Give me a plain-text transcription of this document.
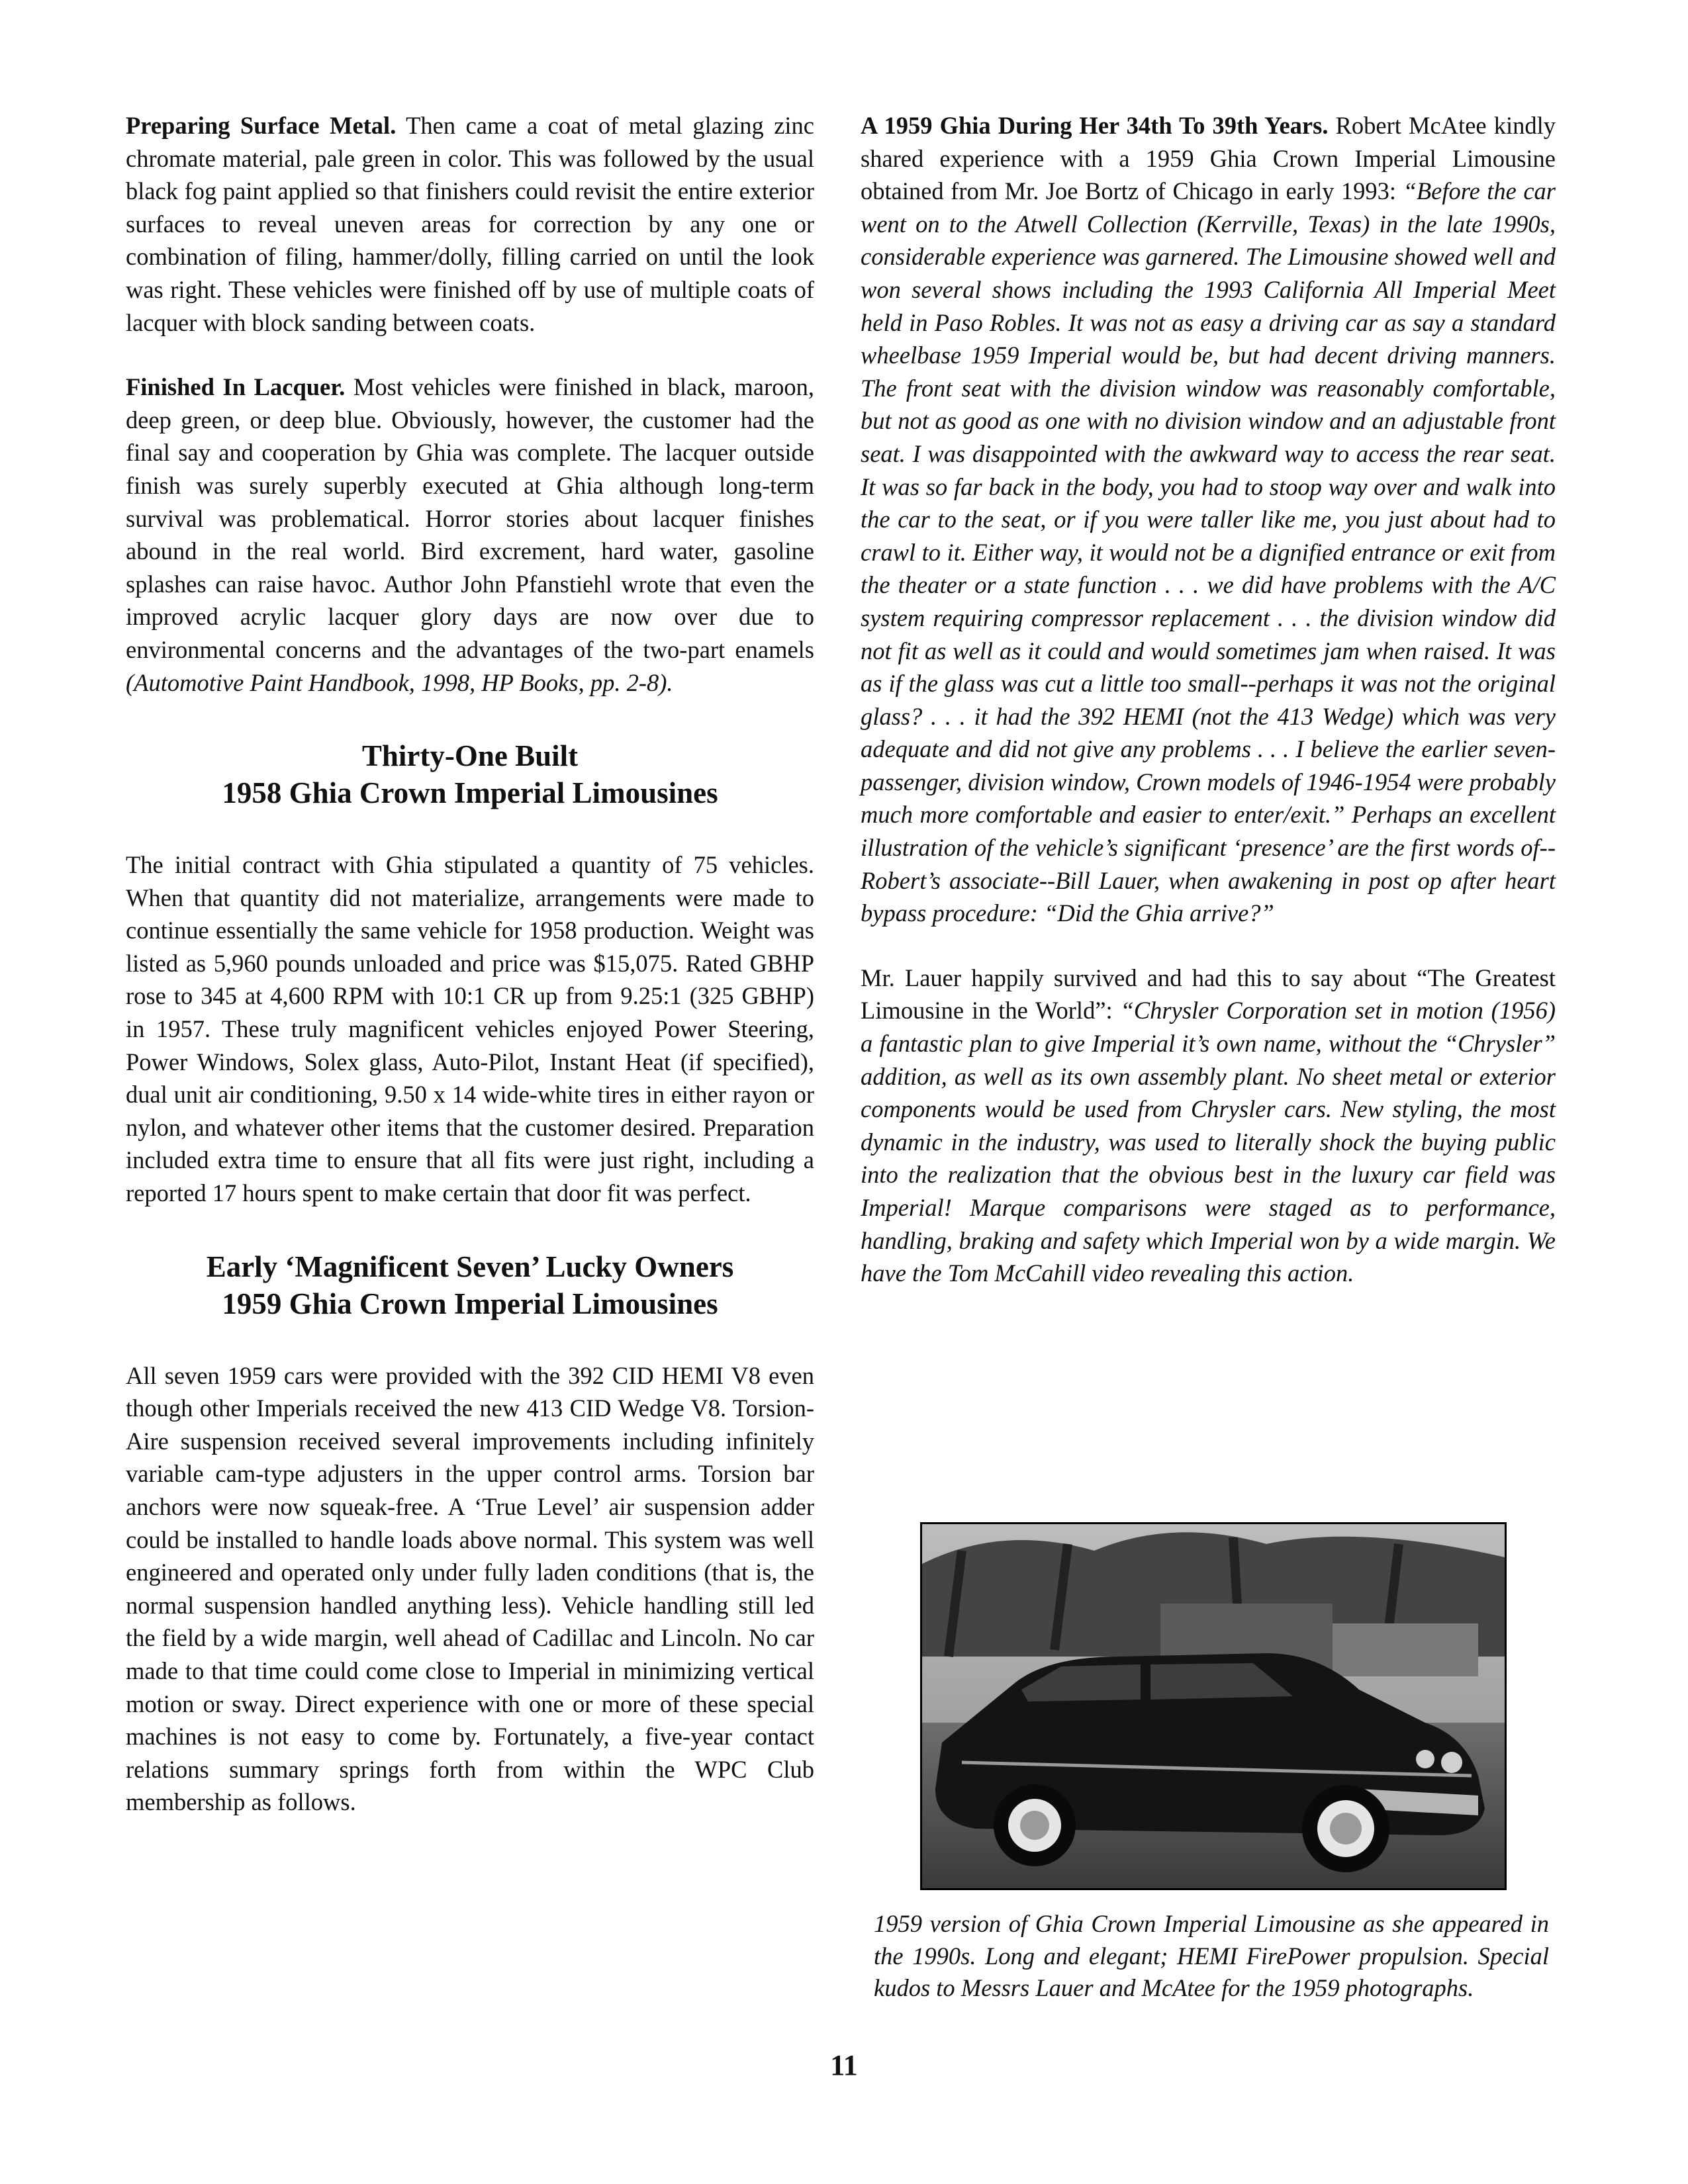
Preparing Surface Metal. Then came a coat of metal glazing zinc chromate material, pale green in color. This was followed by the usual black fog paint applied so that finishers could revisit the entire exterior surfaces to reveal uneven areas for correction by any one or combination of filing, hammer/dolly, filling carried on until the look was right. These vehicles were finished off by use of multiple coats of lacquer with block sanding between coats.

Finished In Lacquer. Most vehicles were finished in black, maroon, deep green, or deep blue. Obviously, however, the customer had the final say and cooperation by Ghia was complete. The lacquer outside finish was surely superbly executed at Ghia although long-term survival was problematical. Horror stories about lacquer finishes abound in the real world. Bird excrement, hard water, gasoline splashes can raise havoc. Author John Pfanstiehl wrote that even the improved acrylic lacquer glory days are now over due to environmental concerns and the advantages of the two-part enamels (Automotive Paint Handbook, 1998, HP Books, pp. 2-8).

Thirty-One Built
1958 Ghia Crown Imperial Limousines

The initial contract with Ghia stipulated a quantity of 75 vehicles. When that quantity did not materialize, arrangements were made to continue essentially the same vehicle for 1958 production. Weight was listed as 5,960 pounds unloaded and price was $15,075. Rated GBHP rose to 345 at 4,600 RPM with 10:1 CR up from 9.25:1 (325 GBHP) in 1957. These truly magnificent vehicles enjoyed Power Steering, Power Windows, Solex glass, Auto-Pilot, Instant Heat (if specified), dual unit air conditioning, 9.50 x 14 wide-white tires in either rayon or nylon, and whatever other items that the customer desired. Preparation included extra time to ensure that all fits were just right, including a reported 17 hours spent to make certain that door fit was perfect.

Early ‘Magnificent Seven’ Lucky Owners
1959 Ghia Crown Imperial Limousines

All seven 1959 cars were provided with the 392 CID HEMI V8 even though other Imperials received the new 413 CID Wedge V8. Torsion-Aire suspension received several improvements including infinitely variable cam-type adjusters in the upper control arms. Torsion bar anchors were now squeak-free. A ‘True Level’ air suspension adder could be installed to handle loads above normal. This system was well engineered and operated only under fully laden conditions (that is, the normal suspension handled anything less). Vehicle handling still led the field by a wide margin, well ahead of Cadillac and Lincoln. No car made to that time could come close to Imperial in minimizing vertical motion or sway. Direct experience with one or more of these special machines is not easy to come by. Fortunately, a five-year contact relations summary springs forth from within the WPC Club membership as follows.

A 1959 Ghia During Her 34th To 39th Years. Robert McAtee kindly shared experience with a 1959 Ghia Crown Imperial Limousine obtained from Mr. Joe Bortz of Chicago in early 1993: “Before the car went on to the Atwell Collection (Kerrville, Texas) in the late 1990s, considerable experience was garnered. The Limousine showed well and won several shows including the 1993 California All Imperial Meet held in Paso Robles. It was not as easy a driving car as say a standard wheelbase 1959 Imperial would be, but had decent driving manners. The front seat with the division window was reasonably comfortable, but not as good as one with no division window and an adjustable front seat. I was disappointed with the awkward way to access the rear seat. It was so far back in the body, you had to stoop way over and walk into the car to the seat, or if you were taller like me, you just about had to crawl to it. Either way, it would not be a dignified entrance or exit from the theater or a state function . . . we did have problems with the A/C system requiring compressor replacement . . . the division window did not fit as well as it could and would sometimes jam when raised. It was as if the glass was cut a little too small--perhaps it was not the original glass? . . . it had the 392 HEMI (not the 413 Wedge) which was very adequate and did not give any problems . . . I believe the earlier seven-passenger, division window, Crown models of 1946-1954 were probably much more comfortable and easier to enter/exit.” Perhaps an excellent illustration of the vehicle’s significant ‘presence’ are the first words of--Robert’s associate--Bill Lauer, when awakening in post op after heart bypass procedure: “Did the Ghia arrive?”

Mr. Lauer happily survived and had this to say about “The Greatest Limousine in the World”: “Chrysler Corporation set in motion (1956) a fantastic plan to give Imperial it’s own name, without the “Chrysler” addition, as well as its own assembly plant. No sheet metal or exterior components would be used from Chrysler cars. New styling, the most dynamic in the industry, was used to literally shock the buying public into the realization that the obvious best in the luxury car field was Imperial! Marque comparisons were staged as to performance, handling, braking and safety which Imperial won by a wide margin. We have the Tom McCahill video revealing this action.

1959 version of Ghia Crown Imperial Limousine as she appeared in the 1990s. Long and elegant; HEMI FirePower propulsion. Special kudos to Messrs Lauer and McAtee for the 1959 photographs.
11
